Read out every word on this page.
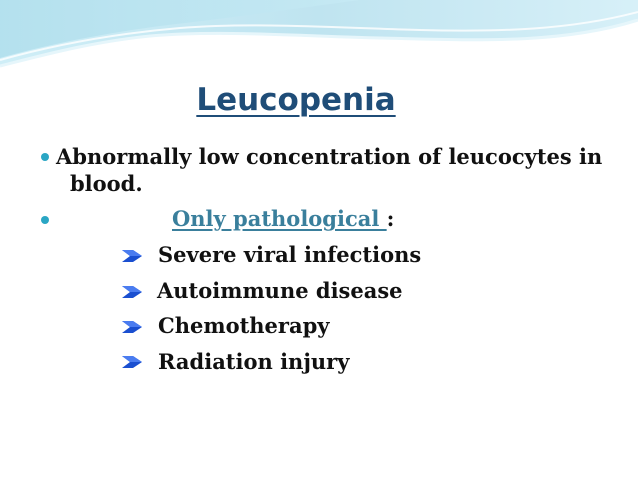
Leucopenia
Abnormally low concentration of leucocytes in
blood.
Only pathological :
Severe viral infections
Autoimmune disease
Chemotherapy
Radiation injury
